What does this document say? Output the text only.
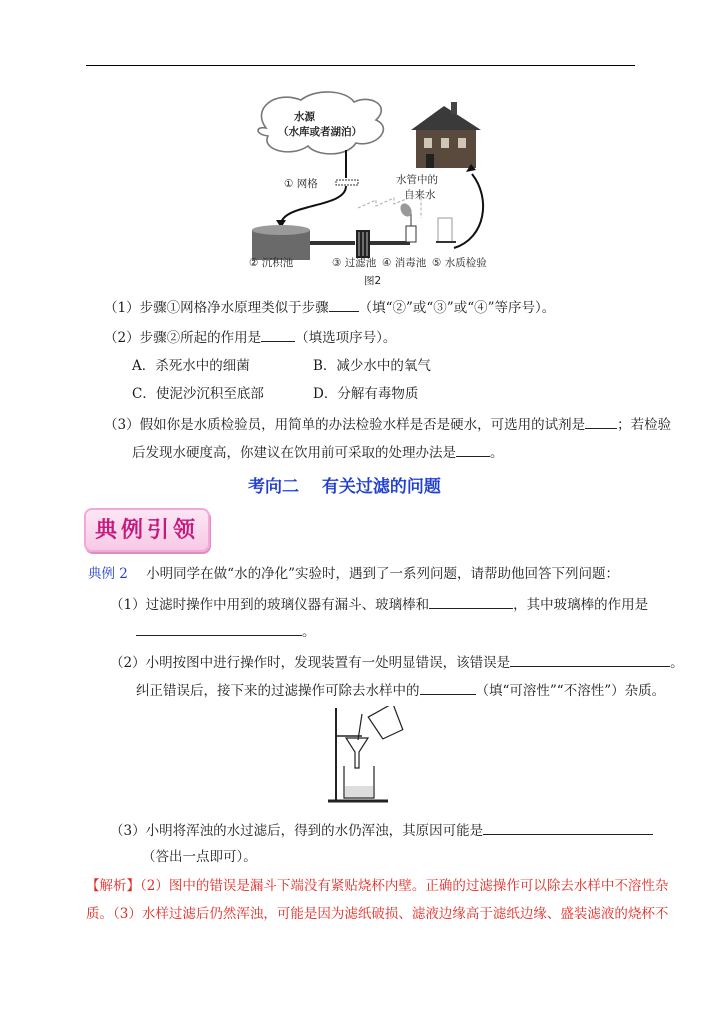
水源
（水库或者湖泊）
水管中的
自来水
① 网格
② 沉积池	③ 过滤池 ④ 消毒池 ⑤ 水质检验
图2
（1）步骤①网格净水原理类似于步骤 （填“②”或“③”或“④”等序号）。
（2）步骤②所起的作用是	（填选项序号）。
A．杀死水中的细菌	B．减少水中的氧气
C．使泥沙沉积至底部	D．分解有毒物质
（3）假如你是水质检验员，用简单的办法检验水样是否是硬水，可选用的试剂是 ；若检验
后发现水硬度高，你建议在饮用前可采取的处理办法是	。
考向二　 有关过滤的问题
典例引领
典例 2 小明同学在做“水的净化”实验时，遇到了一系列问题，请帮助他回答下列问题：
（1）过滤时操作中用到的玻璃仪器有漏斗、玻璃棒和	，其中玻璃棒的作用是
。
（2）小明按图中进行操作时，发现装置有一处明显错误，该错误是	。
纠正错误后，接下来的过滤操作可除去水样中的	（填“可溶性”“不溶性”）杂质。
（3）小明将浑浊的水过滤后，得到的水仍浑浊，其原因可能是
（答出一点即可）。
【解析】（2）图中的错误是漏斗下端没有紧贴烧杯内壁。正确的过滤操作可以除去水样中不溶性杂
质。（3）水样过滤后仍然浑浊，可能是因为滤纸破损、滤液边缘高于滤纸边缘、盛装滤液的烧杯不
